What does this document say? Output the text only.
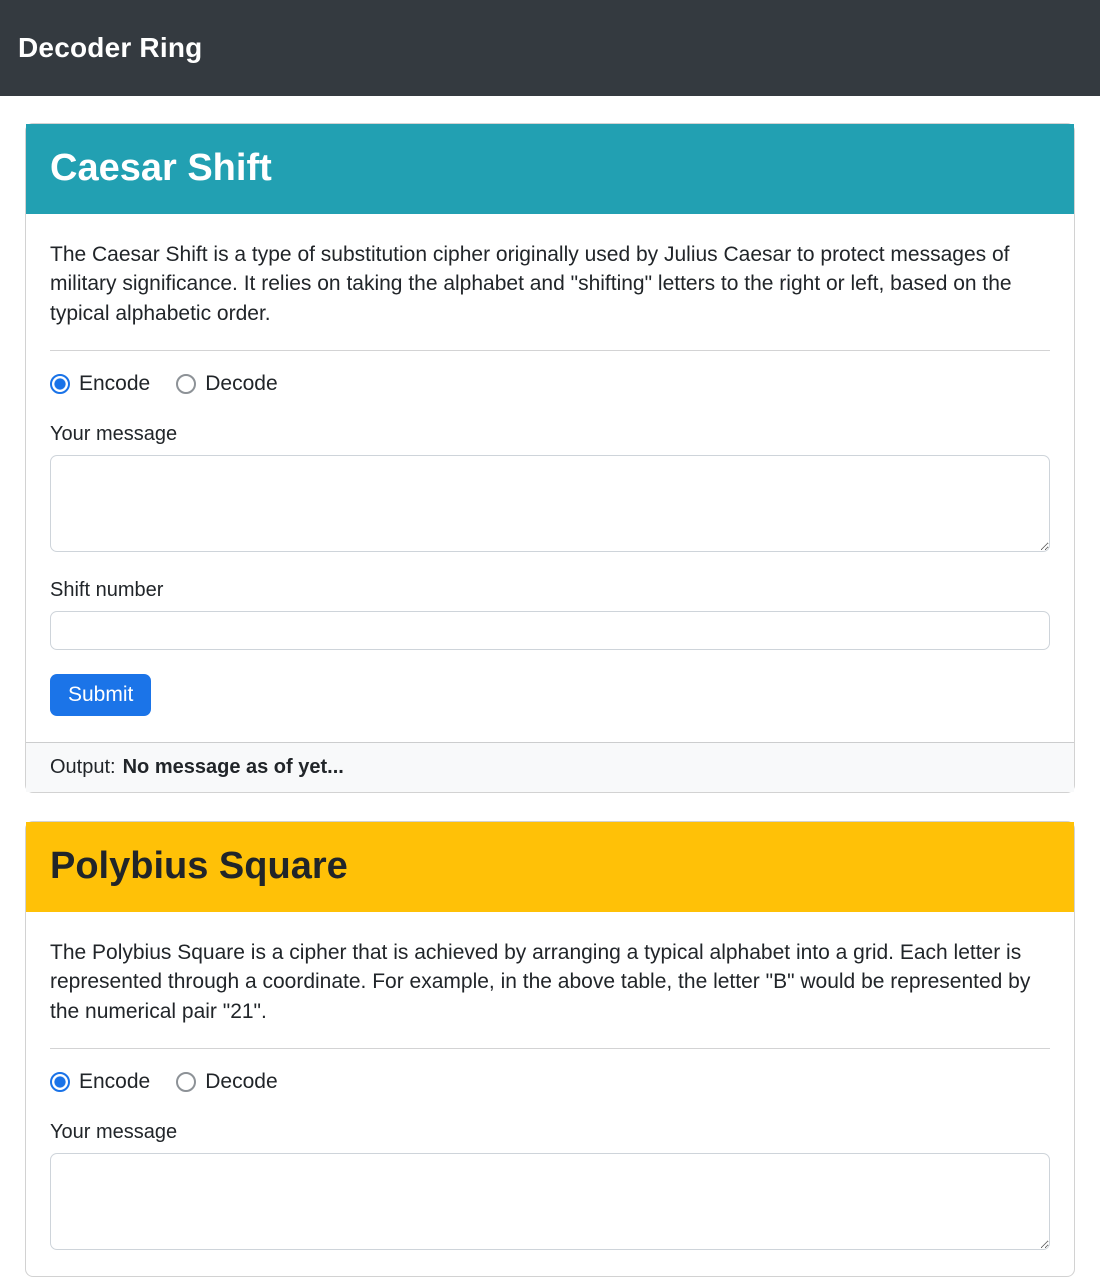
Decoder Ring
Caesar Shift

The Caesar Shift is a type of substitution cipher originally used by Julius Caesar to protect messages of military significance. It relies on taking the alphabet and "shifting" letters to the right or left, based on the typical alphabetic order.

Encode	Decode
Your message
Shift number
Submit
Output: No message as of yet...
Polybius Square

The Polybius Square is a cipher that is achieved by arranging a typical alphabet into a grid. Each letter is represented through a coordinate. For example, in the above table, the letter "B" would be represented by the numerical pair "21".

Encode	Decode
Your message
